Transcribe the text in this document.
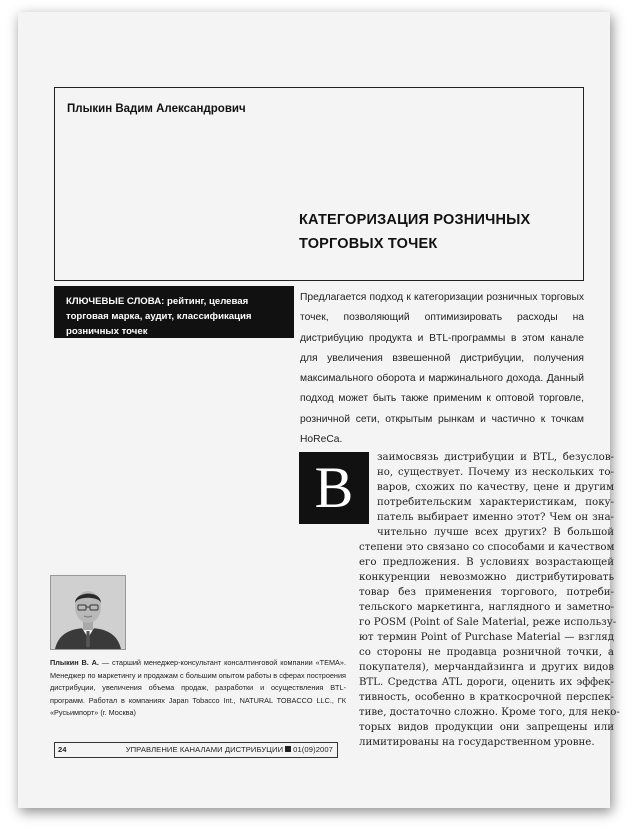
Плыкин Вадим Александрович
КАТЕГОРИЗАЦИЯ РОЗНИЧНЫХ
ТОРГОВЫХ ТОЧЕК
КЛЮЧЕВЫЕ СЛОВА: рейтинг, целевая торговая марка, аудит, классификация розничных точек
Предлагается подход к категоризации розничных торговых точек, позволяющий оптимизировать расходы на дистрибуцию продукта и BTL-программы в этом канале для увеличения взвешенной дистрибуции, получения максимального оборота и маржинального дохода. Данный подход может быть также применим к оптовой торговле, розничной сети, открытым рынкам и частично к точкам HoReCa.
В	заимосвязь дистрибуции и BTL, безуслов-
но, существует. Почему из нескольких то-
варов, схожих по качеству, цене и другим
потребительским характеристикам, поку-
патель выбирает именно этот? Чем он зна-
чительно лучше всех других? В большой
степени это связано со способами и качеством
его предложения. В условиях возрастающей
конкуренции невозможно дистрибутировать
товар без применения торгового, потреби-
тельского маркетинга, наглядного и заметно-
го POSM (Point of Sale Material, реже использу-
ют термин Point of Purchase Material — взгляд
со стороны не продавца розничной точки, а
покупателя), мерчандайзинга и других видов
BTL. Средства ATL дороги, оценить их эффек-
тивность, особенно в краткосрочной перспек-
тиве, достаточно сложно. Кроме того, для неко-
торых видов продукции они запрещены или
лимитированы на государственном уровне.
Плыкин В. А. — старший менеджер-консультант консалтинговой компании «ТЕМА». Менеджер по маркетингу и продажам с большим опытом работы в сферах построения дистрибуции, увеличения объема продаж, разработки и осуществления BTL-программ. Работал в компаниях Japan Tobacco Int., NATURAL TOBACCO LLC., ГК «Русьимпорт» (г. Москва)
24	УПРАВЛЕНИЕ КАНАЛАМИ ДИСТРИБУЦИИ 01(09)2007
